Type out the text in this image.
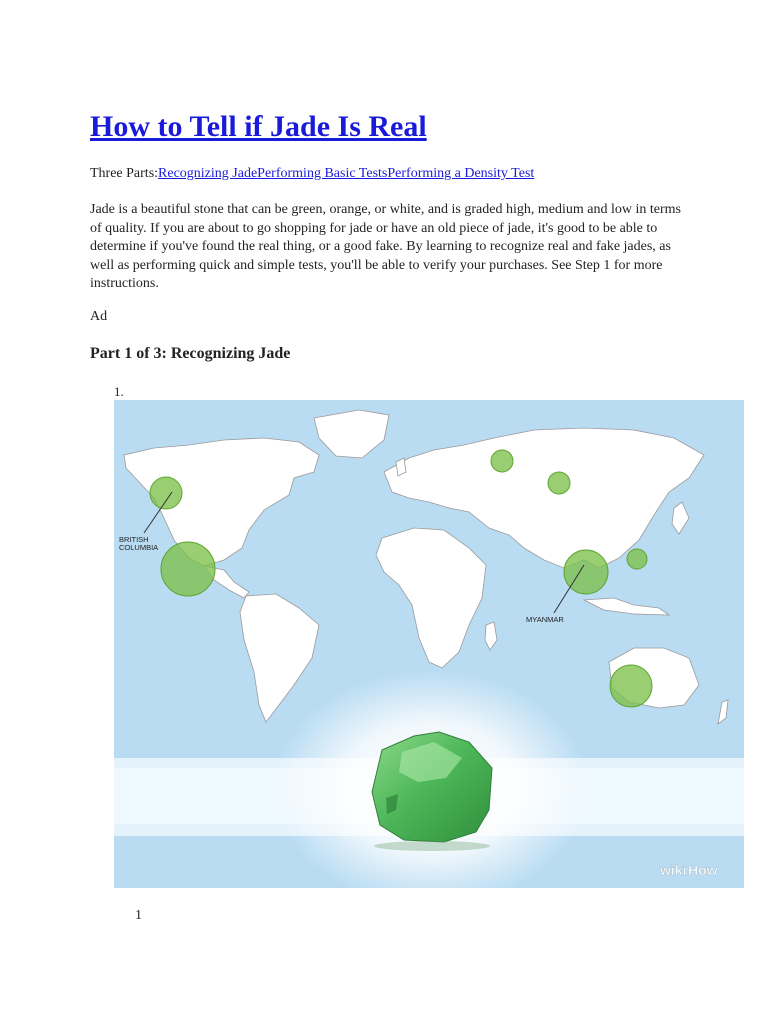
How to Tell if Jade Is Real
Three Parts:Recognizing JadePerforming Basic TestsPerforming a Density Test

Jade is a beautiful stone that can be green, orange, or white, and is graded high, medium and low in terms of quality. If you are about to go shopping for jade or have an old piece of jade, it's good to be able to determine if you've found the real thing, or a good fake. By learning to recognize real and fake jades, as well as performing quick and simple tests, you'll be able to verify your purchases. See Step 1 for more instructions.

Ad
Part 1 of 3: Recognizing Jade
1.
BRITISH
COLUMBIA
MYANMAR
wiki How
1
